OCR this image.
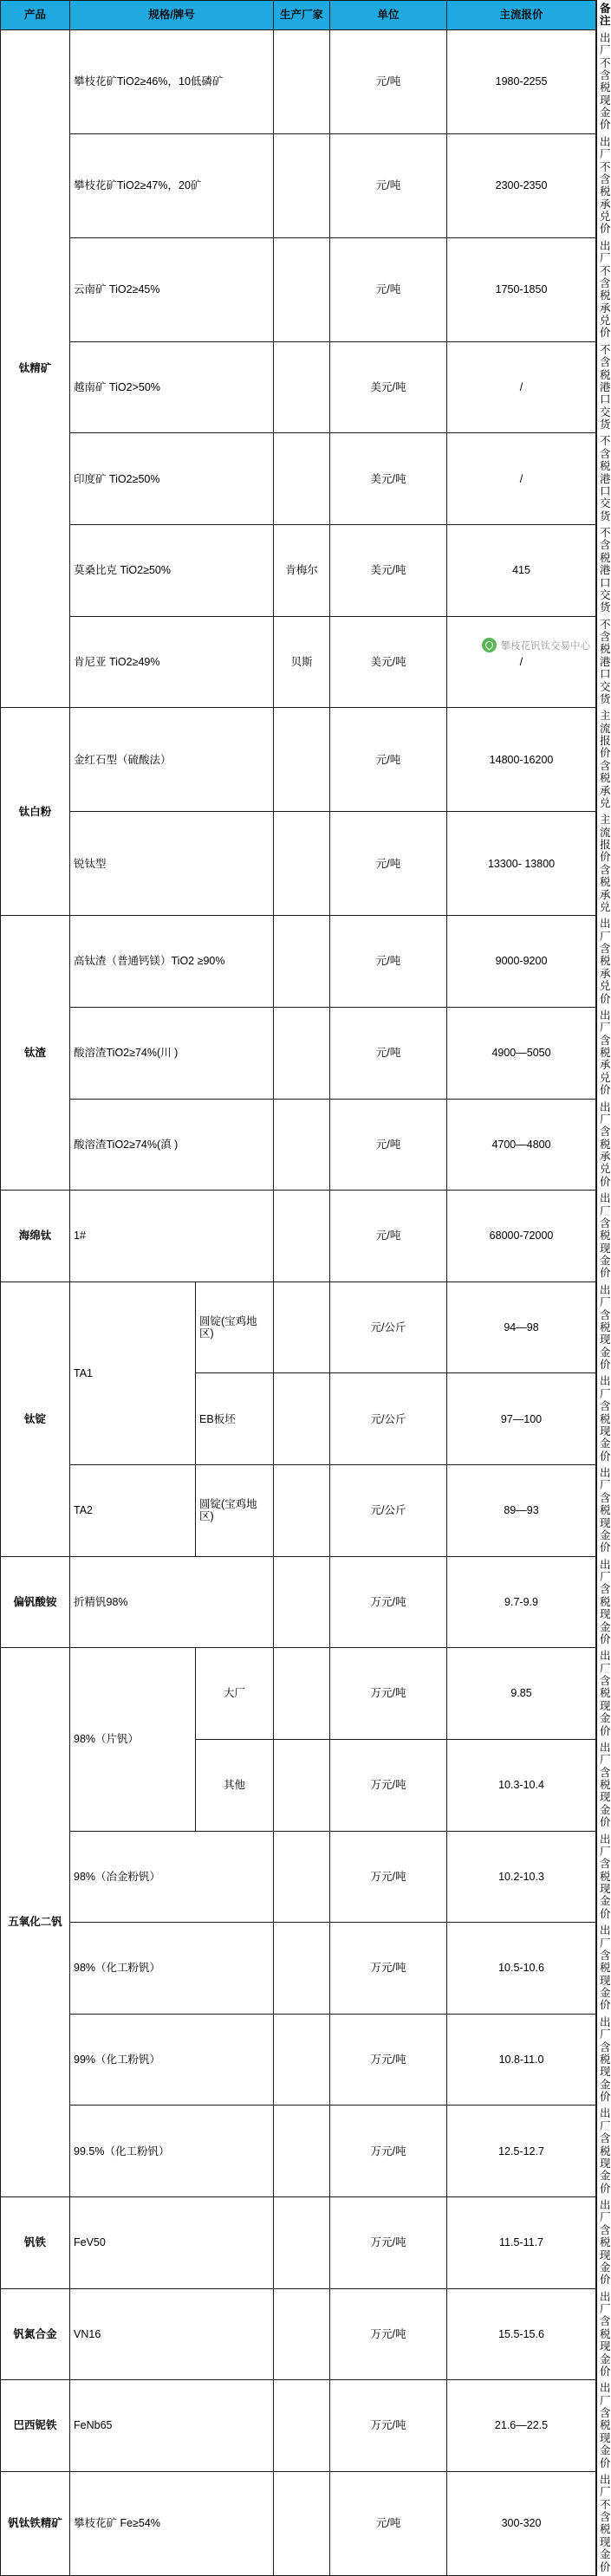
产品	规格/牌号		生产厂家	单位	主流报价	备注
钛精矿	攀枝花矿TiO2≥46%，10低磷矿			元/吨	1980-2255	出厂 不含税现金价
	攀枝花矿TiO2≥47%，20矿			元/吨	2300-2350	出厂不含税承兑价
	云南矿 TiO2≥45%			元/吨	1750-1850	出厂不含税承兑价
	越南矿 TiO2>50%			美元/吨	/	不含税港口交货
	印度矿 TiO2≥50%			美元/吨	/	不含税港口交货
	莫桑比克 TiO2≥50%		肯梅尔	美元/吨	415	不含税港口交货
	肯尼亚 TiO2≥49%		贝斯	美元/吨	/	不含税港口交货
钛白粉	金红石型（硫酸法）			元/吨	14800-16200	主流报价含税承兑
	锐钛型			元/吨	13300- 13800	主流报价含税承兑
钛渣	高钛渣（普通钙镁）TiO2 ≥90%			元/吨	9000-9200	出厂 含税承兑价
	酸溶渣TiO2≥74%(川 )			元/吨	4900—5050	出厂 含税承兑价
	酸溶渣TiO2≥74%(滇 )			元/吨	4700—4800	出厂 含税承兑价
海绵钛	1#			元/吨	68000-72000	出厂 含税现金价
钛锭	TA1	圆锭(宝鸡地区)		元/公斤	94—98	出厂含税现金价
		EB板坯		元/公斤	97—100	出厂含税现金价
	TA2	圆锭(宝鸡地区)		元/公斤	89—93	出厂含税现金价
偏钒酸铵	折精钒98%			万元/吨	9.7-9.9	出厂含税现金价
五氧化二钒	98%（片钒）	大厂		万元/吨	9.85	出厂含税现金价
		其他		万元/吨	10.3-10.4	出厂含税现金价
	98%（冶金粉钒）			万元/吨	10.2-10.3	出厂含税现金价
	98%（化工粉钒）			万元/吨	10.5-10.6	出厂含税现金价
	99%（化工粉钒）			万元/吨	10.8-11.0	出厂含税现金价
	99.5%（化工粉钒）			万元/吨	12.5-12.7	出厂含税现金价
钒铁	FeV50			万元/吨	11.5-11.7	出厂含税现金价
钒氮合金	VN16			万元/吨	15.5-15.6	出厂含税现金价
巴西铌铁	FeNb65			万元/吨	21.6—22.5	出厂 含税现金价
钒钛铁精矿	攀枝花矿 Fe≥54%			元/吨	300-320	出厂 不含税现金价
攀枝花钒钛交易中心
